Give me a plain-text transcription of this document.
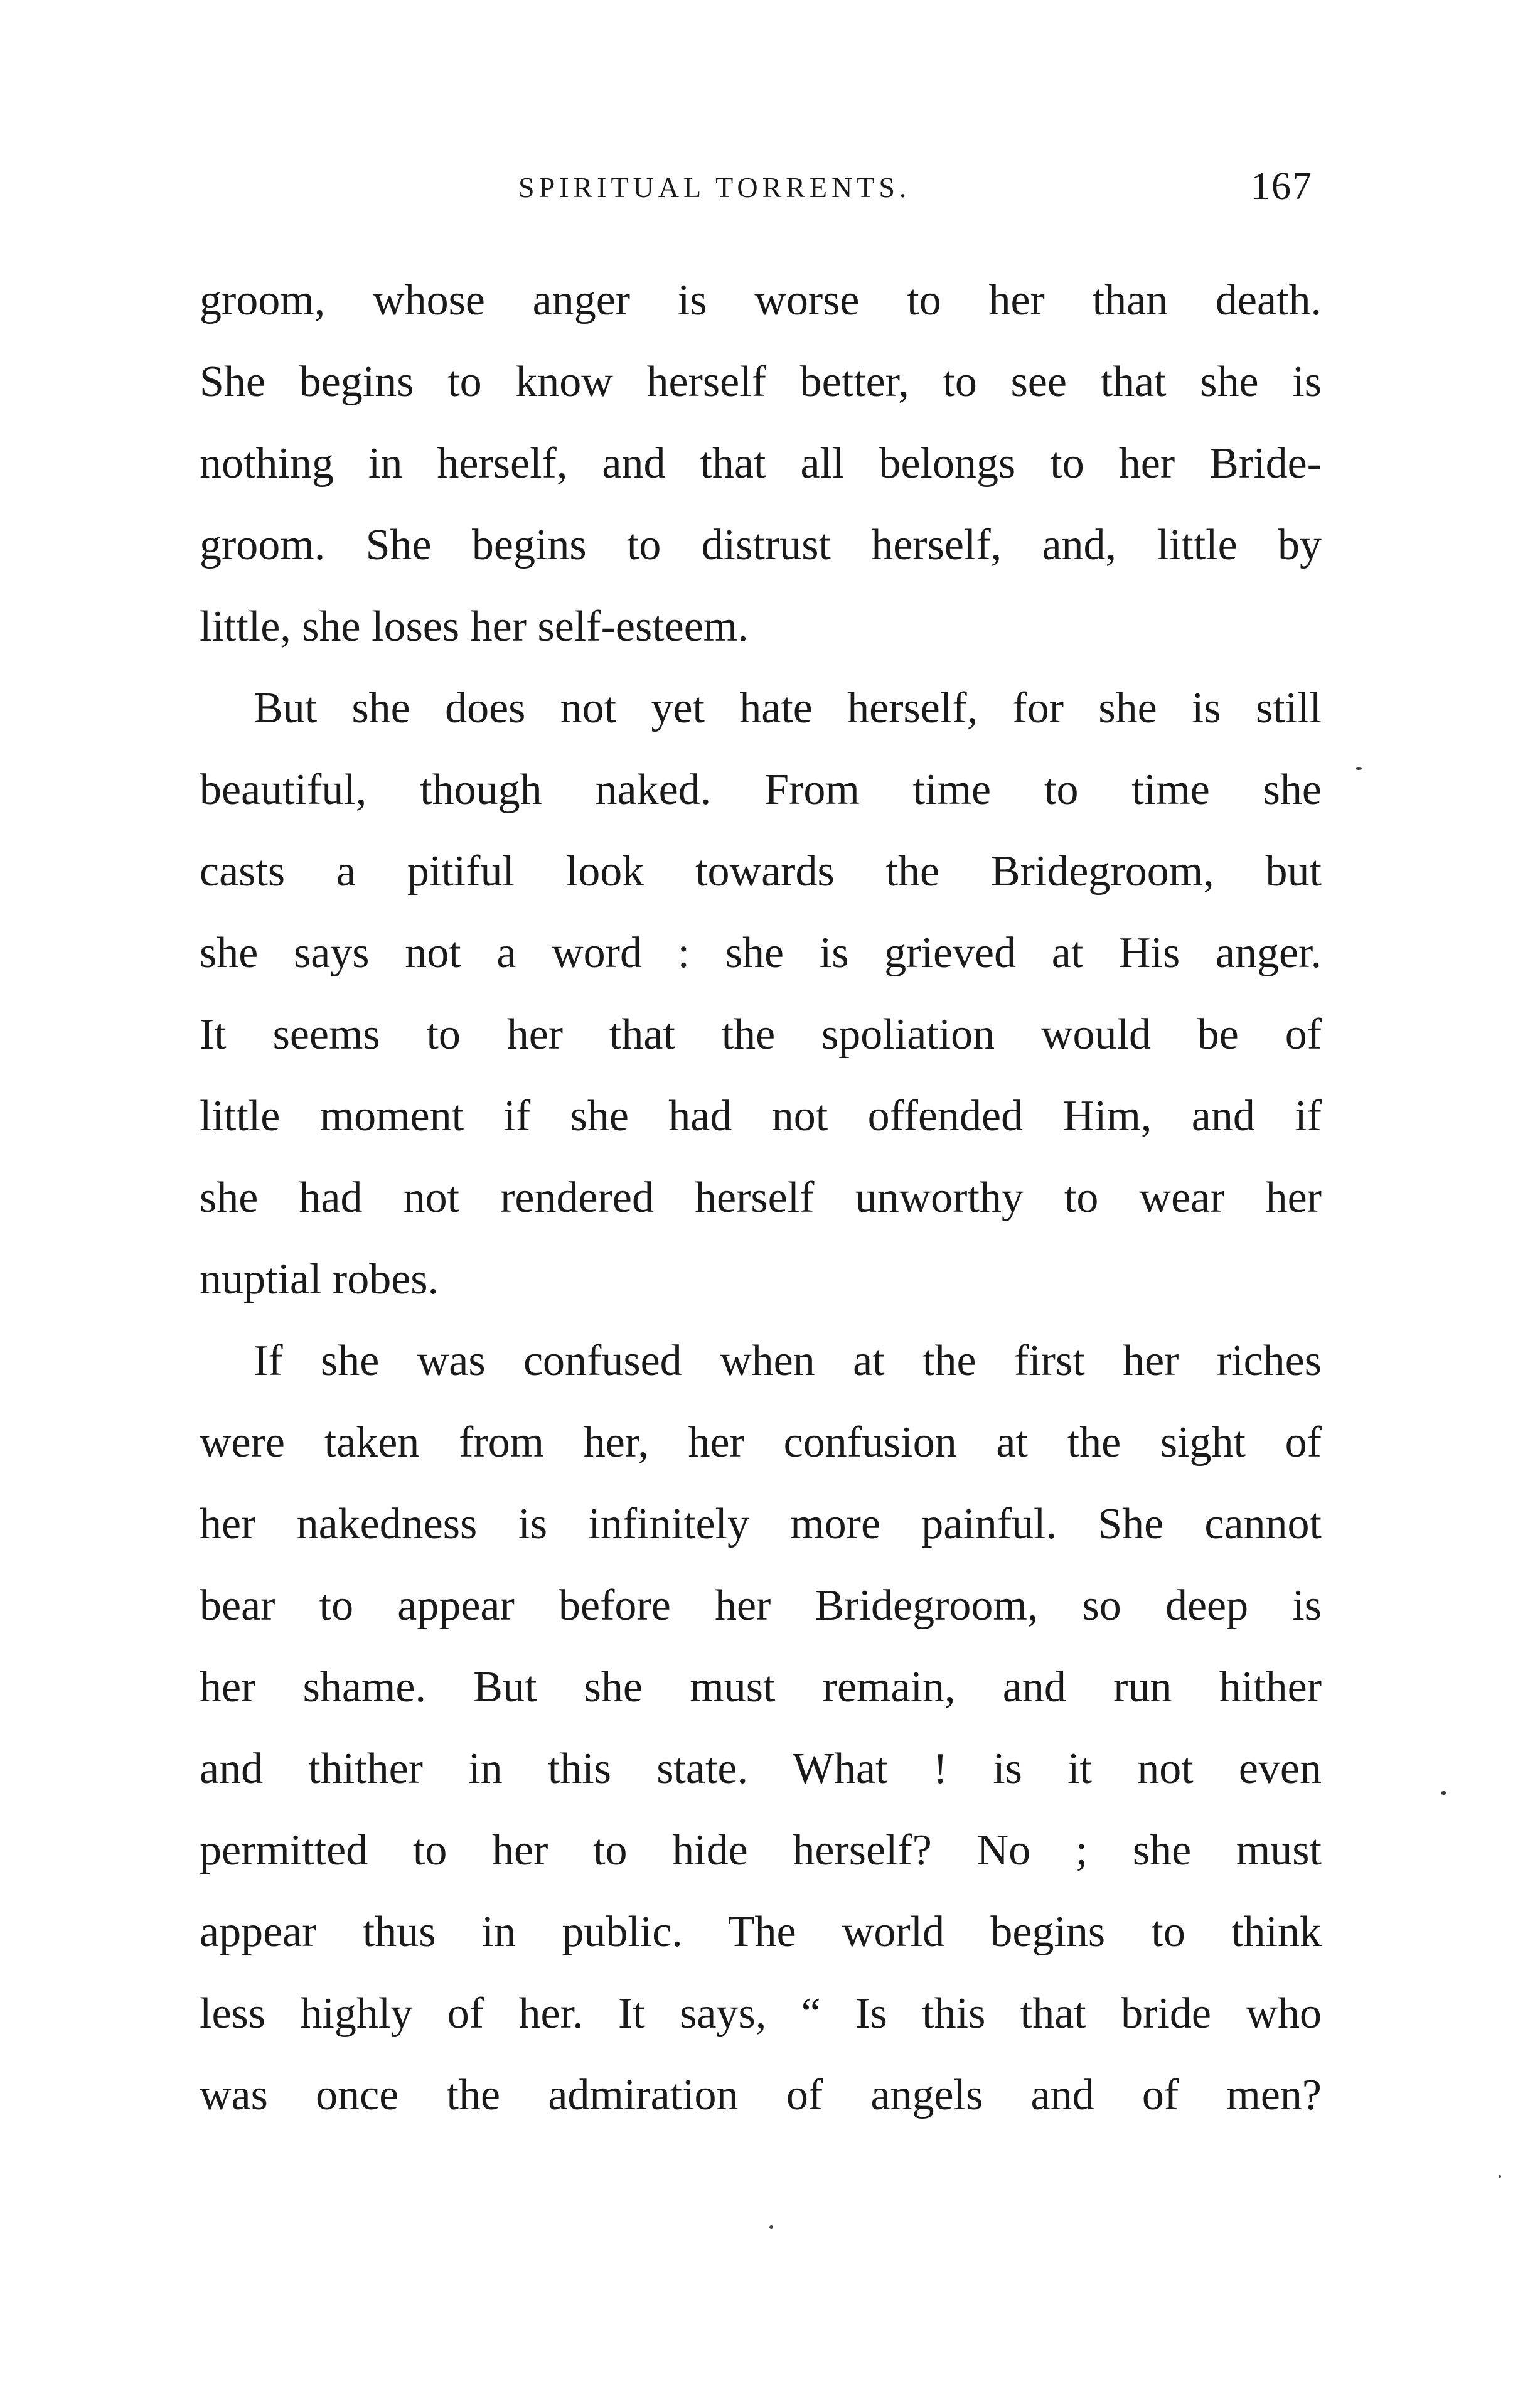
SPIRITUAL TORRENTS.	167
groom, whose anger is worse to her than death.
She begins to know herself better, to see that she is
nothing in herself, and that all belongs to her Bride-
groom. She begins to distrust herself, and, little by
little, she loses her self-esteem.
But she does not yet hate herself, for she is still
beautiful, though naked. From time to time she
casts a pitiful look towards the Bridegroom, but
she says not a word : she is grieved at His anger.
It seems to her that the spoliation would be of
little moment if she had not offended Him, and if
she had not rendered herself unworthy to wear her
nuptial robes.
If she was confused when at the first her riches
were taken from her, her confusion at the sight of
her nakedness is infinitely more painful. She cannot
bear to appear before her Bridegroom, so deep is
her shame. But she must remain, and run hither
and thither in this state. What ! is it not even
permitted to her to hide herself? No ; she must
appear thus in public. The world begins to think
less highly of her. It says, “ Is this that bride who
was once the admiration of angels and of men?
